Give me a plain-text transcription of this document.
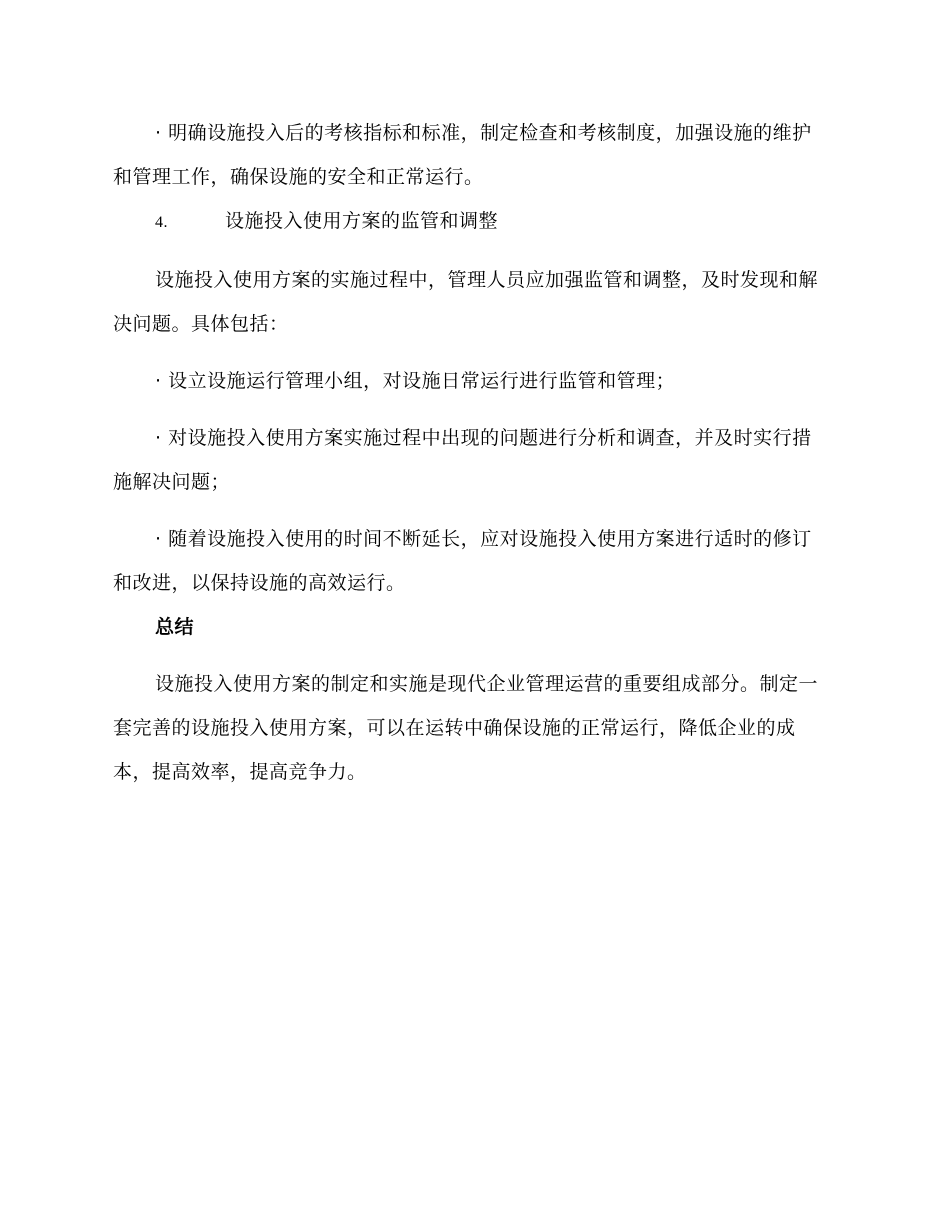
· 明确设施投入后的考核指标和标准，制定检查和考核制度，加强设施的维护和管理工作，确保设施的安全和正常运行。

4.	设施投入使用方案的监管和调整

设施投入使用方案的实施过程中，管理人员应加强监管和调整，及时发现和解决问题。具体包括：

· 设立设施运行管理小组，对设施日常运行进行监管和管理；

· 对设施投入使用方案实施过程中出现的问题进行分析和调查，并及时实行措施解决问题；

· 随着设施投入使用的时间不断延长，应对设施投入使用方案进行适时的修订和改进，以保持设施的高效运行。

总结

设施投入使用方案的制定和实施是现代企业管理运营的重要组成部分。制定一套完善的设施投入使用方案，可以在运转中确保设施的正常运行，降低企业的成本，提高效率，提高竞争力。
